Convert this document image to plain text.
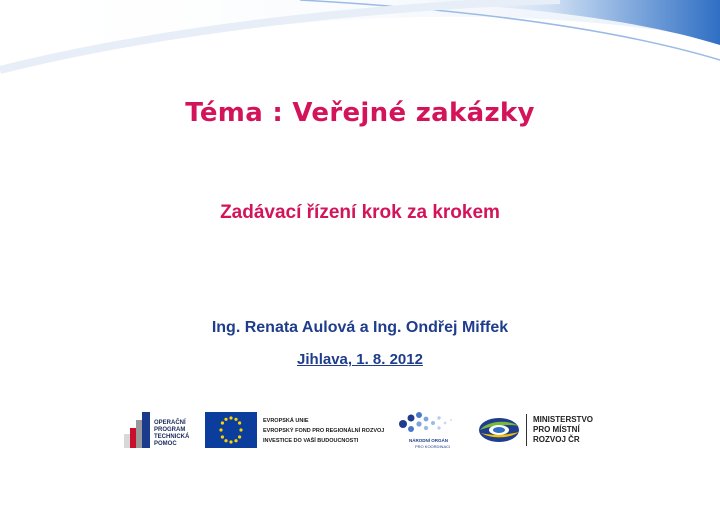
Téma : Veřejné zakázky
Zadávací řízení krok za krokem
Ing. Renata Aulová a Ing. Ondřej Miffek
Jihlava, 1. 8. 2012
OPERAČNÍ
PROGRAM
TECHNICKÁ
POMOC
EVROPSKÁ UNIE
EVROPSKÝ FOND PRO REGIONÁLNÍ ROZVOJ
INVESTICE DO VAŠÍ BUDOUCNOSTI	NÁRODNÍ ORGÁN
PRO KOORDINACI
MINISTERSTVO
PRO MÍSTNÍ
ROZVOJ ČR
